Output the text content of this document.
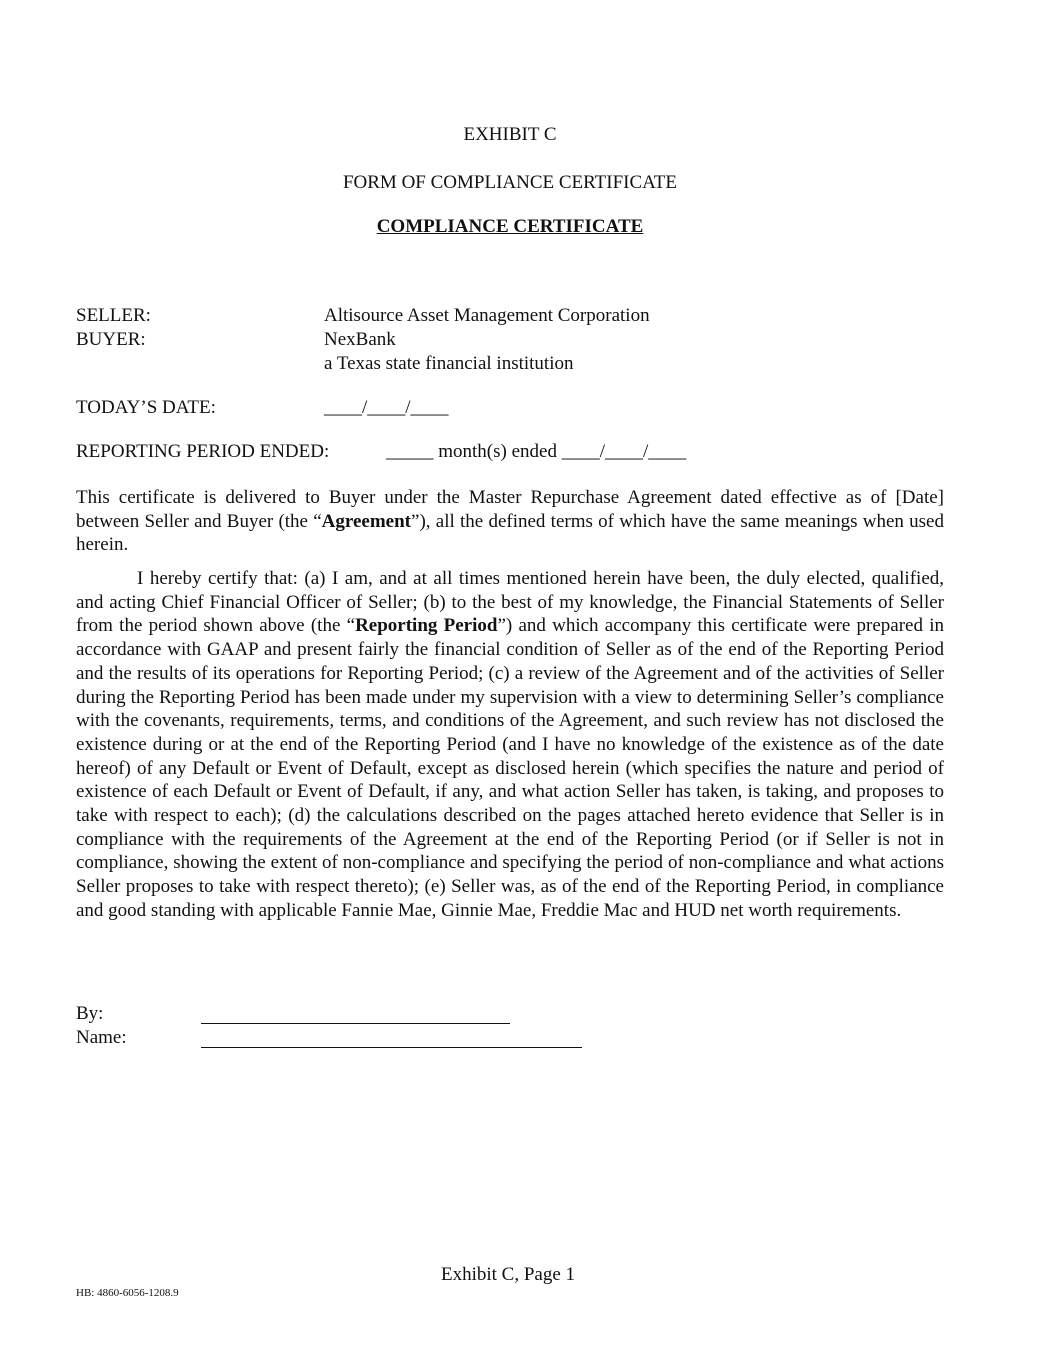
EXHIBIT C
FORM OF COMPLIANCE CERTIFICATE
COMPLIANCE CERTIFICATE
SELLER:	Altisource Asset Management Corporation
BUYER:	NexBank
a Texas state financial institution
TODAY’S DATE:	____/____/____
REPORTING PERIOD ENDED:	_____ month(s) ended ____/____/____
This certificate is delivered to Buyer under the Master Repurchase Agreement dated effective as of [Date] between Seller and Buyer (the “Agreement”), all the defined terms of which have the same meanings when used herein.
I hereby certify that: (a) I am, and at all times mentioned herein have been, the duly elected, qualified, and acting Chief Financial Officer of Seller; (b) to the best of my knowledge, the Financial Statements of Seller from the period shown above (the “Reporting Period”) and which accompany this certificate were prepared in accordance with GAAP and present fairly the financial condition of Seller as of the end of the Reporting Period and the results of its operations for Reporting Period; (c) a review of the Agreement and of the activities of Seller during the Reporting Period has been made under my supervision with a view to determining Seller’s compliance with the covenants, requirements, terms, and conditions of the Agreement, and such review has not disclosed the existence during or at the end of the Reporting Period (and I have no knowledge of the existence as of the date hereof) of any Default or Event of Default, except as disclosed herein (which specifies the nature and period of existence of each Default or Event of Default, if any, and what action Seller has taken, is taking, and proposes to take with respect to each); (d) the calculations described on the pages attached hereto evidence that Seller is in compliance with the requirements of the Agreement at the end of the Reporting Period (or if Seller is not in compliance, showing the extent of non-compliance and specifying the period of non-compliance and what actions Seller proposes to take with respect thereto); (e) Seller was, as of the end of the Reporting Period, in compliance and good standing with applicable Fannie Mae, Ginnie Mae, Freddie Mac and HUD net worth requirements.
By:
Name:
Exhibit C, Page 1
HB: 4860-6056-1208.9
